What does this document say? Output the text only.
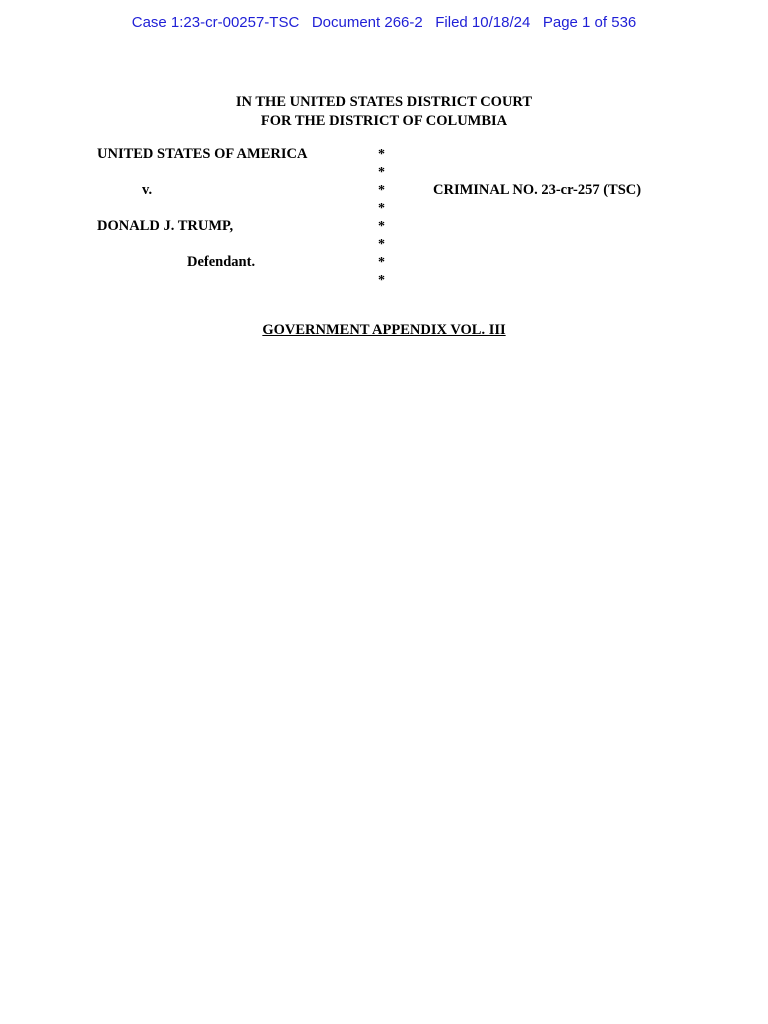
Case 1:23-cr-00257-TSC Document 266-2 Filed 10/18/24 Page 1 of 536
IN THE UNITED STATES DISTRICT COURT
FOR THE DISTRICT OF COLUMBIA
UNITED STATES OF AMERICA
v.
DONALD J. TRUMP,
Defendant.
*
*
*
*
*
*
*
*
CRIMINAL NO. 23-cr-257 (TSC)
GOVERNMENT APPENDIX VOL. III
